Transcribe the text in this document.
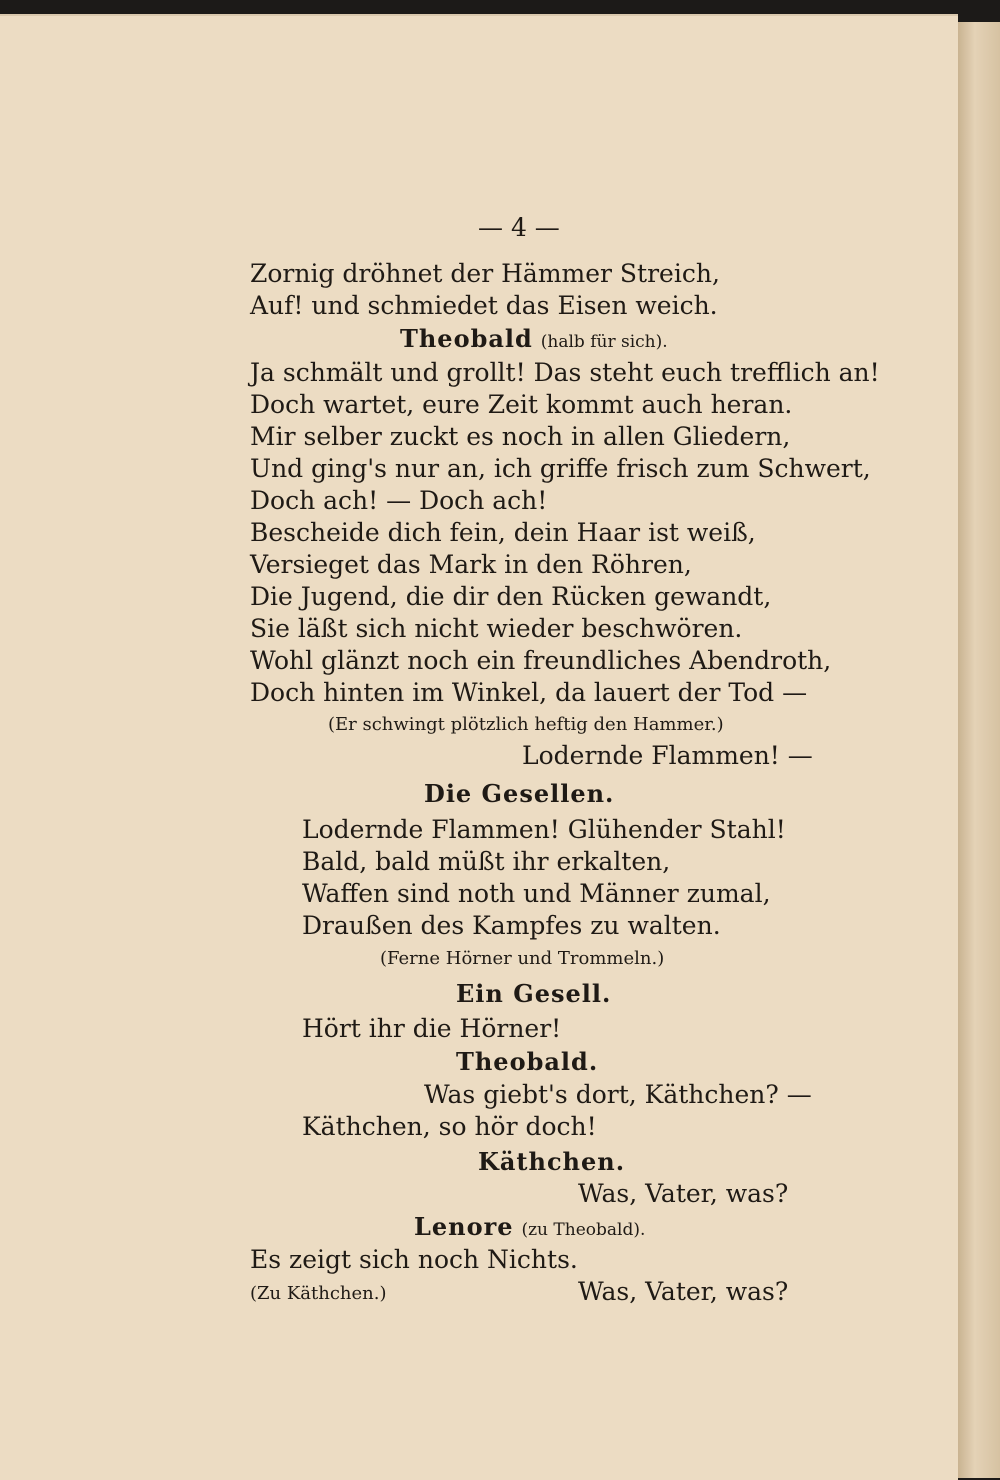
— 4 —
Zornig dröhnet der Hämmer Streich,
Auf! und schmiedet das Eisen weich.
Theobald (halb für sich).
Ja schmält und grollt! Das steht euch trefflich an!
Doch wartet, eure Zeit kommt auch heran.
Mir selber zuckt es noch in allen Gliedern,
Und ging's nur an, ich griffe frisch zum Schwert,
Doch ach! — Doch ach!
Bescheide dich fein, dein Haar ist weiß,
Versieget das Mark in den Röhren,
Die Jugend, die dir den Rücken gewandt,
Sie läßt sich nicht wieder beschwören.
Wohl glänzt noch ein freundliches Abendroth,
Doch hinten im Winkel, da lauert der Tod —
(Er schwingt plötzlich heftig den Hammer.)
Lodernde Flammen! —
Die Gesellen.
Lodernde Flammen! Glühender Stahl!
Bald, bald müßt ihr erkalten,
Waffen sind noth und Männer zumal,
Draußen des Kampfes zu walten.
(Ferne Hörner und Trommeln.)
Ein Gesell.
Hört ihr die Hörner!
Theobald.
Was giebt's dort, Käthchen? —
Käthchen, so hör doch!
Käthchen.
Was, Vater, was?
Lenore (zu Theobald).
Es zeigt sich noch Nichts.
(Zu Käthchen.)	Was, Vater, was?
